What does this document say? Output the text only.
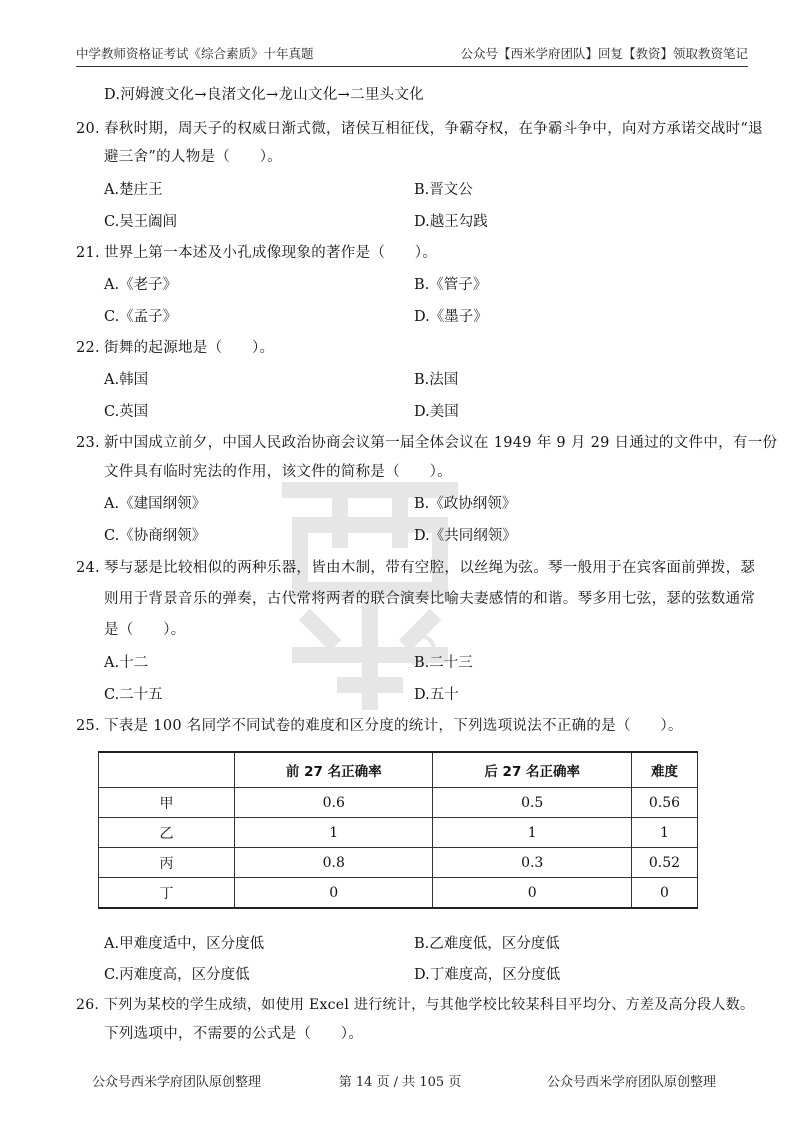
中学教师资格证考试《综合素质》十年真题	公众号【西米学府团队】回复【教资】领取教资笔记
D.河姆渡文化→良渚文化→龙山文化→二里头文化
20. 春秋时期，周天子的权威日渐式微，诸侯互相征伐，争霸夺权，在争霸斗争中，向对方承诺交战时“退
避三舍”的人物是（　　）。
A.楚庄王	B.晋文公
C.吴王阖闾	D.越王勾践
21. 世界上第一本述及小孔成像现象的著作是（　　）。
A.《老子》	B.《管子》
C.《孟子》	D.《墨子》
22. 街舞的起源地是（　　）。
A.韩国	B.法国
C.英国	D.美国
23. 新中国成立前夕，中国人民政治协商会议第一届全体会议在 1949 年 9 月 29 日通过的文件中，有一份
文件具有临时宪法的作用，该文件的简称是（　　）。
A.《建国纲领》	B.《政协纲领》
C.《协商纲领》	D.《共同纲领》
24. 琴与瑟是比较相似的两种乐器，皆由木制，带有空腔，以丝绳为弦。琴一般用于在宾客面前弹拨，瑟
则用于背景音乐的弹奏，古代常将两者的联合演奏比喻夫妻感情的和谐。琴多用七弦，瑟的弦数通常
是（　　）。
A.十二	B.二十三
C.二十五	D.五十
25. 下表是 100 名同学不同试卷的难度和区分度的统计，下列选项说法不正确的是（　　）。
	前 27 名正确率	后 27 名正确率	难度
甲	0.6	0.5	0.56
乙	1	1	1
丙	0.8	0.3	0.52
丁	0	0	0
A.甲难度适中，区分度低	B.乙难度低，区分度低
C.丙难度高，区分度低	D.丁难度高，区分度低
26. 下列为某校的学生成绩，如使用 Excel 进行统计，与其他学校比较某科目平均分、方差及高分段人数。
下列选项中，不需要的公式是（　　）。
公众号西米学府团队原创整理	第 14 页 / 共 105 页	公众号西米学府团队原创整理
